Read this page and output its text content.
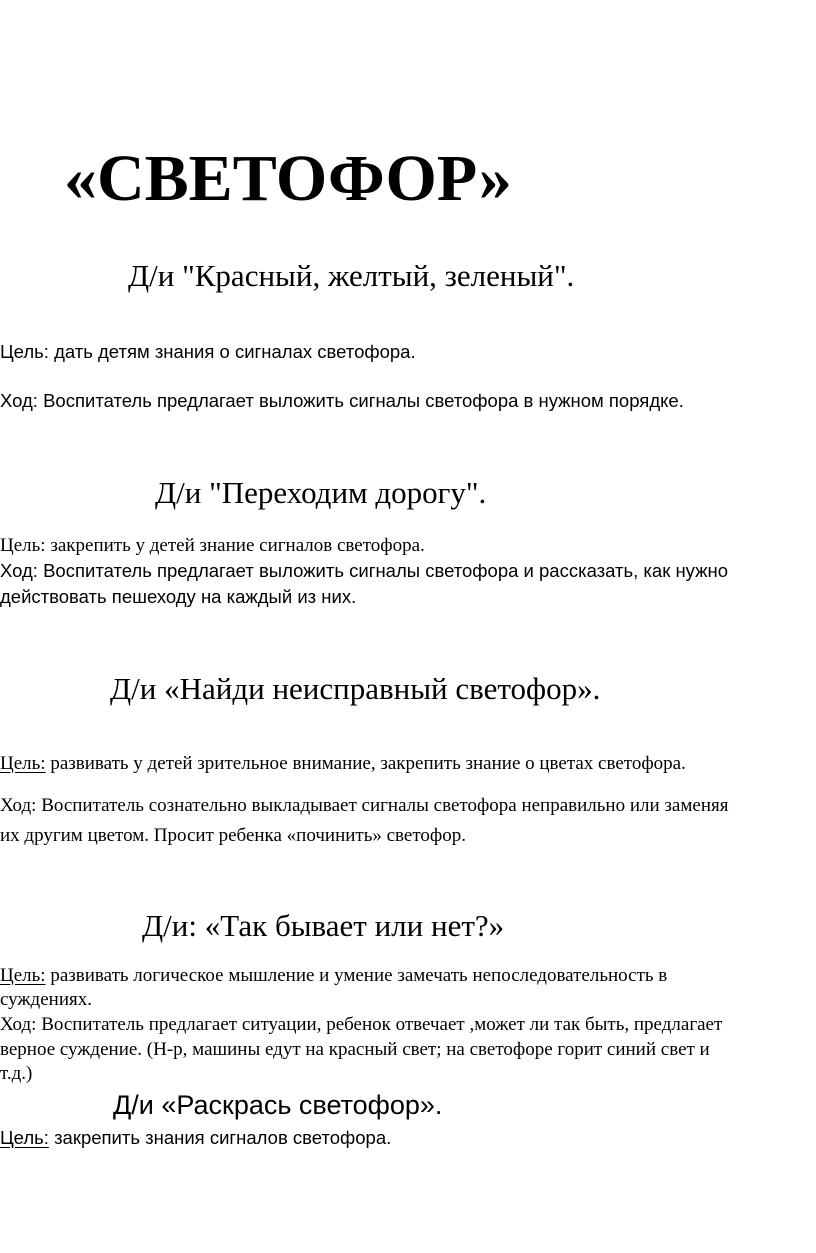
«СВЕТОФОР»
Д/и "Красный, желтый, зеленый".
Цель: дать детям знания о сигналах светофора.
Ход: Воспитатель предлагает выложить сигналы светофора в нужном порядке.
Д/и "Переходим дорогу".
Цель: закрепить у детей знание сигналов светофора.
Ход: Воспитатель предлагает выложить сигналы светофора и рассказать, как нужно
действовать пешеходу на каждый из них.
Д/и «Найди неисправный светофор».
Цель: развивать у детей зрительное внимание, закрепить знание о цветах светофора.
Ход: Воспитатель сознательно выкладывает сигналы светофора неправильно или заменяя
их другим цветом. Просит ребенка «починить» светофор.
Д/и: «Так бывает или нет?»
Цель: развивать логическое мышление и умение замечать непоследовательность в
суждениях.
Ход: Воспитатель предлагает ситуации, ребенок отвечает ,может ли так быть, предлагает
верное суждение. (Н-р, машины едут на красный свет; на светофоре горит синий свет и
т.д.)
Д/и «Раскрась светофор».
Цель: закрепить знания сигналов светофора.
